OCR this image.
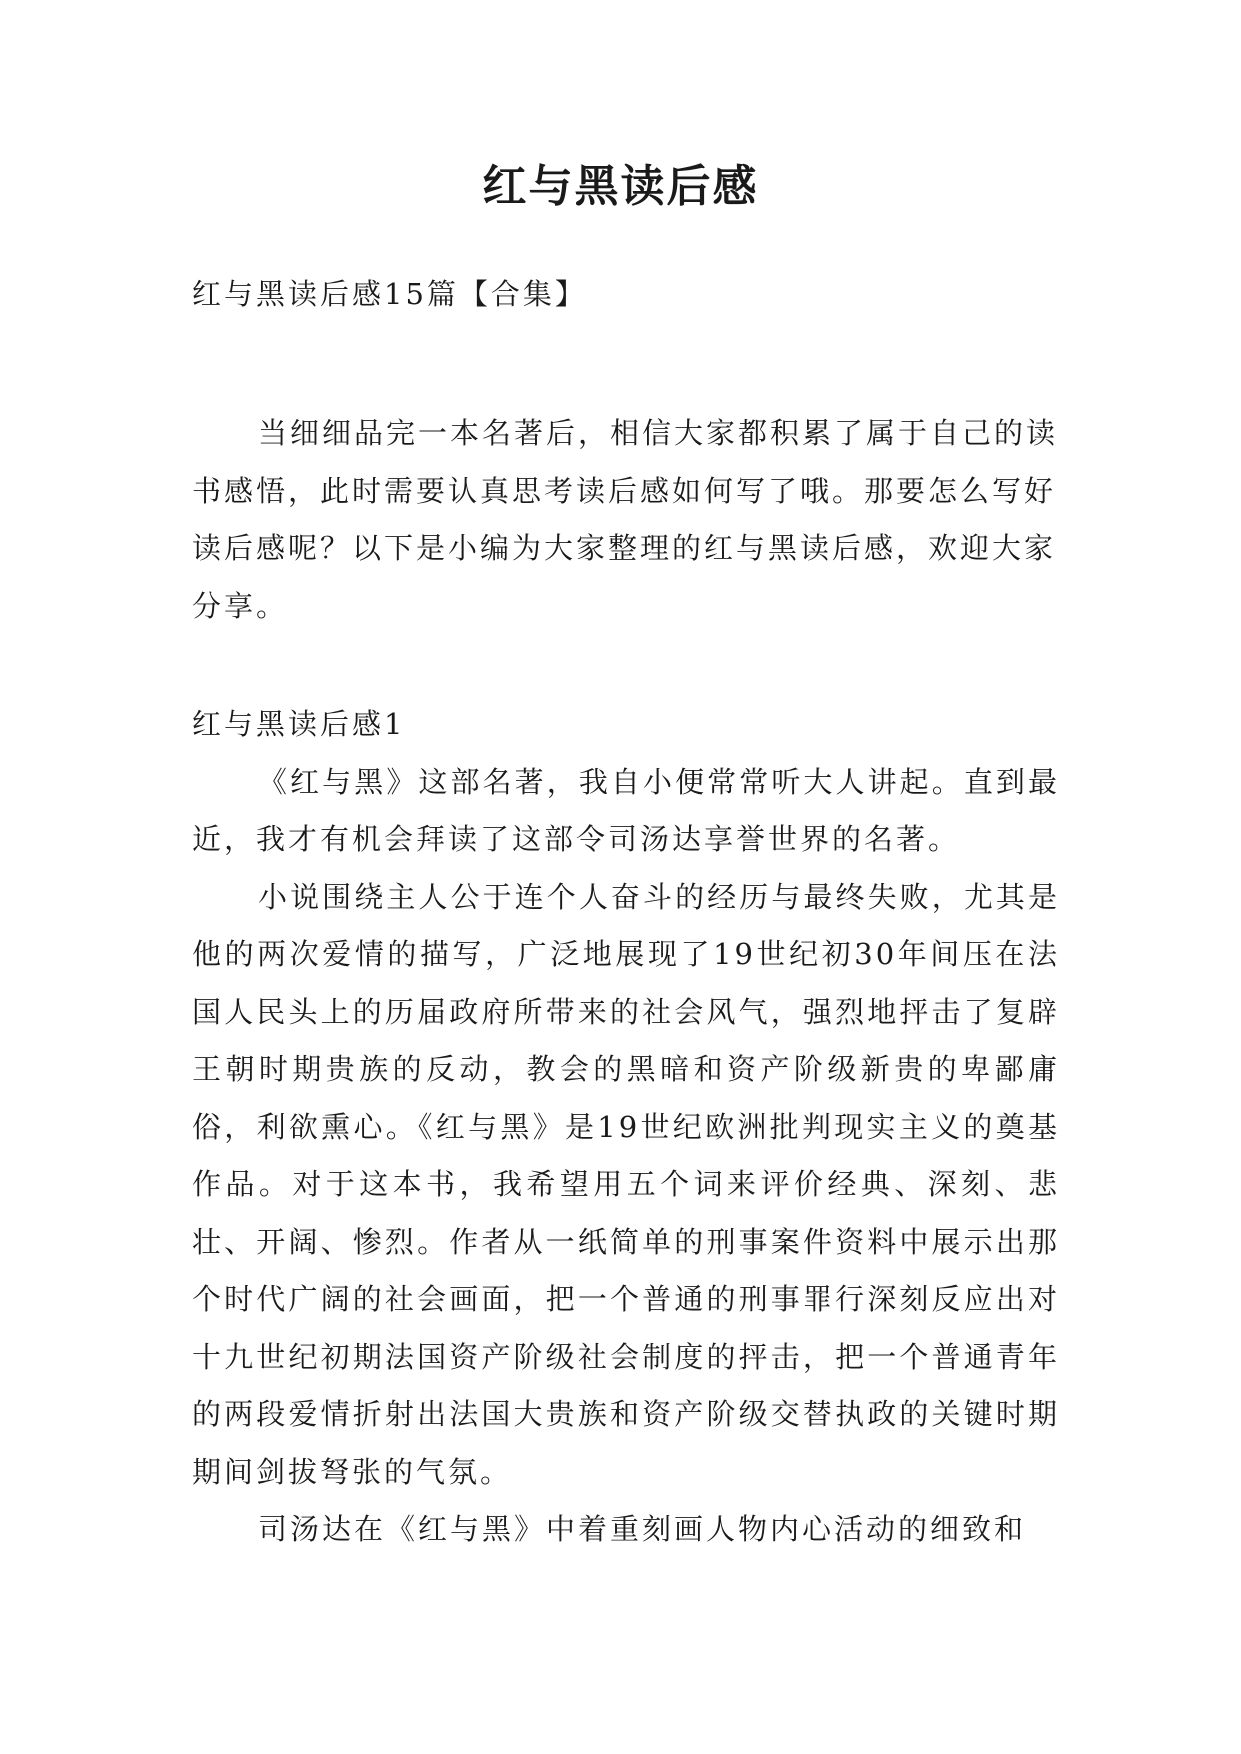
红与黑读后感

红与黑读后感15篇【合集】

当细细品完一本名著后，相信大家都积累了属于自己的读书感悟，此时需要认真思考读后感如何写了哦。那要怎么写好读后感呢？以下是小编为大家整理的红与黑读后感，欢迎大家分享。

红与黑读后感1

《红与黑》这部名著，我自小便常常听大人讲起。直到最近，我才有机会拜读了这部令司汤达享誉世界的名著。

小说围绕主人公于连个人奋斗的经历与最终失败，尤其是他的两次爱情的描写，广泛地展现了19世纪初30年间压在法国人民头上的历届政府所带来的社会风气，强烈地抨击了复辟王朝时期贵族的反动，教会的黑暗和资产阶级新贵的卑鄙庸俗，利欲熏心。《红与黑》是19世纪欧洲批判现实主义的奠基作品。对于这本书，我希望用五个词来评价经典、深刻、悲壮、开阔、惨烈。作者从一纸简单的刑事案件资料中展示出那个时代广阔的社会画面，把一个普通的刑事罪行深刻反应出对十九世纪初期法国资产阶级社会制度的抨击，把一个普通青年的两段爱情折射出法国大贵族和资产阶级交替执政的关键时期期间剑拔弩张的气氛。

司汤达在《红与黑》中着重刻画人物内心活动的细致和
